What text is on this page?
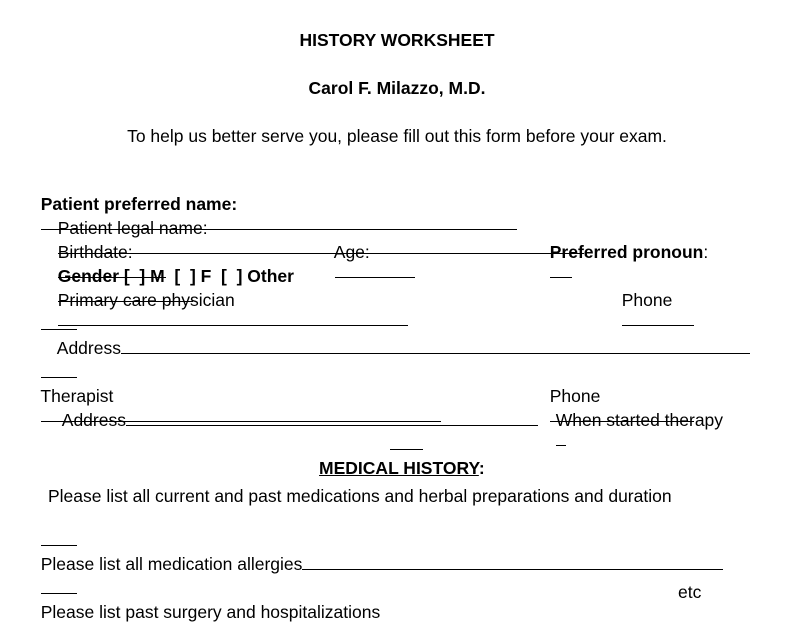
HISTORY WORKSHEET

Carol F. Milazzo, M.D.

To help us better serve you, please fill out this form before your exam.

Patient preferred name:

Patient legal name:

Birthdate:
	Age:
	Preferred pronoun:

Gender [  ] M  [  ] F  [  ] Other

Primary care physician
	Phone

Address

Therapist
	Phone

Address	When started therapy

MEDICAL HISTORY:

Please list all current and past medications and herbal preparations and duration

Please list all medication allergies

Please list past surgery and hospitalizations

etc
